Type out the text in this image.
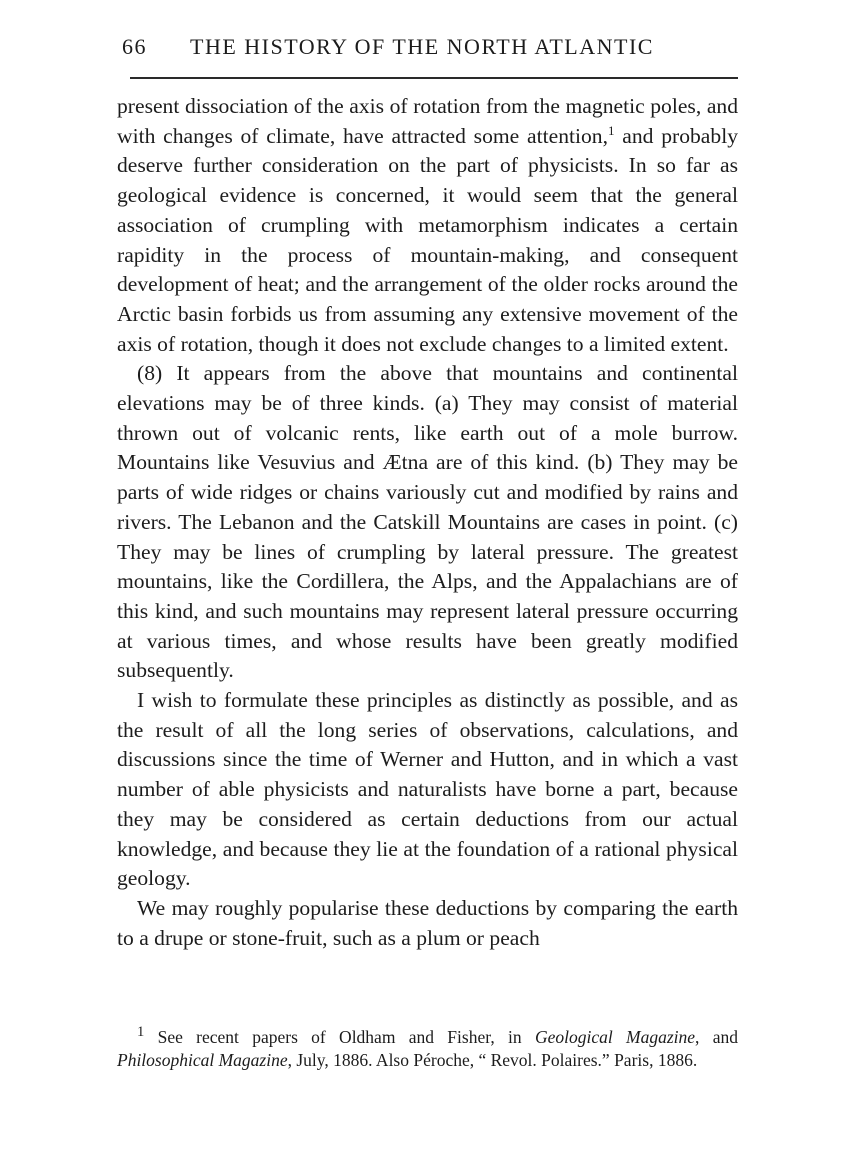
66 THE HISTORY OF THE NORTH ATLANTIC

present dissociation of the axis of rotation from the magnetic poles, and with changes of climate, have attracted some attention,$^1$ and probably deserve further consideration on the part of physicists. In so far as geological evidence is concerned, it would seem that the general association of crumpling with metamorphism indicates a certain rapidity in the process of mountain-making, and consequent development of heat; and the arrangement of the older rocks around the Arctic basin forbids us from assuming any extensive movement of the axis of rotation, though it does not exclude changes to a limited extent.

(8) It appears from the above that mountains and continental elevations may be of three kinds. (a) They may consist of material thrown out of volcanic rents, like earth out of a mole burrow. Mountains like Vesuvius and Ætna are of this kind. (b) They may be parts of wide ridges or chains variously cut and modified by rains and rivers. The Lebanon and the Catskill Mountains are cases in point. (c) They may be lines of crumpling by lateral pressure. The greatest mountains, like the Cordillera, the Alps, and the Appalachians are of this kind, and such mountains may represent lateral pressure occurring at various times, and whose results have been greatly modified subsequently.

I wish to formulate these principles as distinctly as possible, and as the result of all the long series of observations, calculations, and discussions since the time of Werner and Hutton, and in which a vast number of able physicists and naturalists have borne a part, because they may be considered as certain deductions from our actual knowledge, and because they lie at the foundation of a rational physical geology.

We may roughly popularise these deductions by comparing the earth to a drupe or stone-fruit, such as a plum or peach

$^1$ See recent papers of Oldham and Fisher, in Geological Magazine, and Philosophical Magazine, July, 1886. Also Péroche, “ Revol. Polaires.” Paris, 1886.
